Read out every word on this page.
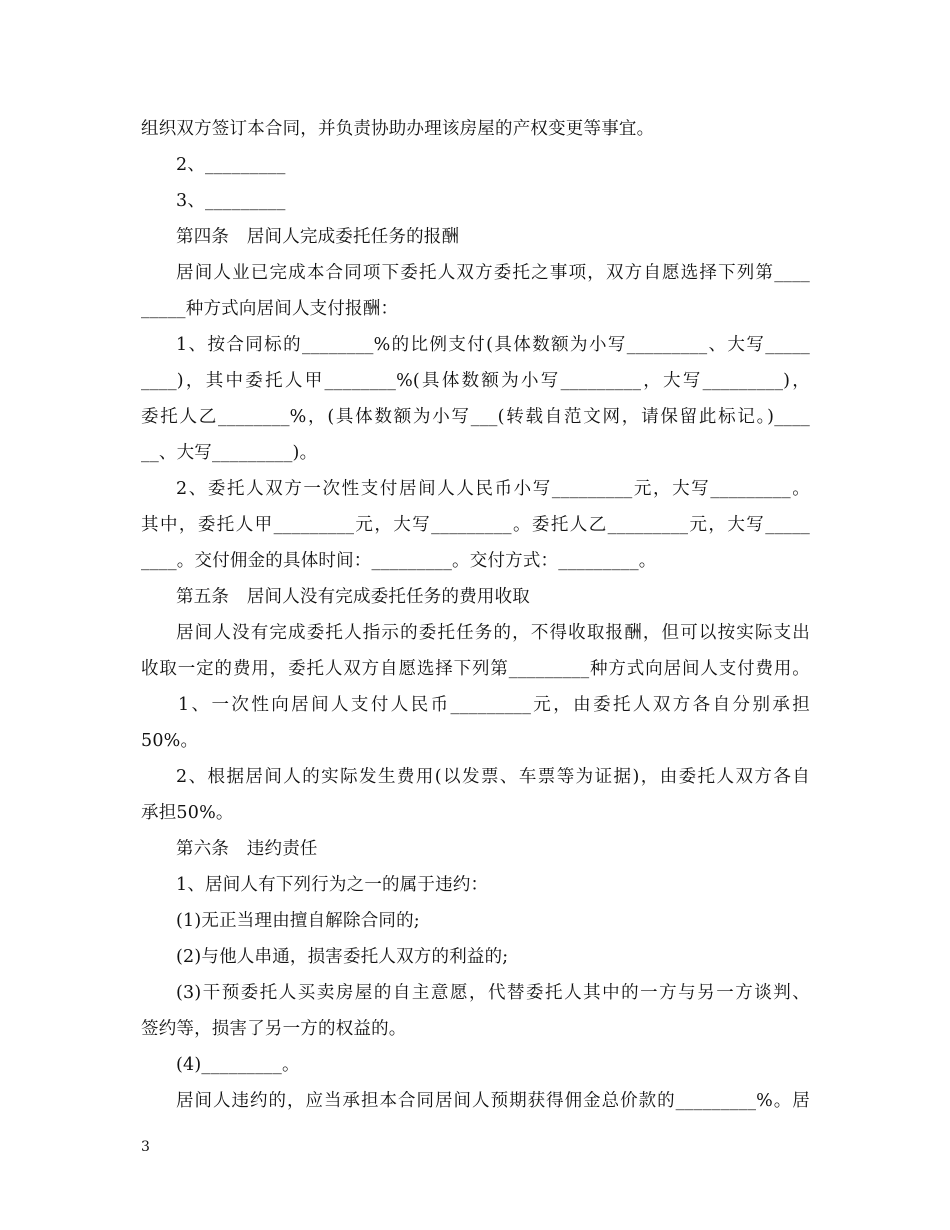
组织双方签订本合同，并负责协助办理该房屋的产权变更等事宜。
2、_________
3、_________
第四条　居间人完成委托任务的报酬
居间人业已完成本合同项下委托人双方委托之事项，双方自愿选择下列第____
_____种方式向居间人支付报酬：
1、按合同标的________%的比例支付(具体数额为小写_________、大写_____
____)，其中委托人甲________%(具体数额为小写_________，大写_________)，
委托人乙________%，(具体数额为小写___(转载自范文网，请保留此标记。)____
__、大写_________)。
2、委托人双方一次性支付居间人人民币小写_________元，大写_________。
其中，委托人甲_________元，大写_________。委托人乙_________元，大写_____
____。交付佣金的具体时间：_________。交付方式：_________。
第五条　居间人没有完成委托任务的费用收取
居间人没有完成委托人指示的委托任务的，不得收取报酬，但可以按实际支出
收取一定的费用，委托人双方自愿选择下列第_________种方式向居间人支付费用。
1、一次性向居间人支付人民币_________元，由委托人双方各自分别承担
50%。
2、根据居间人的实际发生费用(以发票、车票等为证据)，由委托人双方各自
承担50%。
第六条　违约责任
1、居间人有下列行为之一的属于违约：
(1)无正当理由擅自解除合同的;
(2)与他人串通，损害委托人双方的利益的;
(3)干预委托人买卖房屋的自主意愿，代替委托人其中的一方与另一方谈判、
签约等，损害了另一方的权益的。
(4)_________。
居间人违约的，应当承担本合同居间人预期获得佣金总价款的_________%。居
3
